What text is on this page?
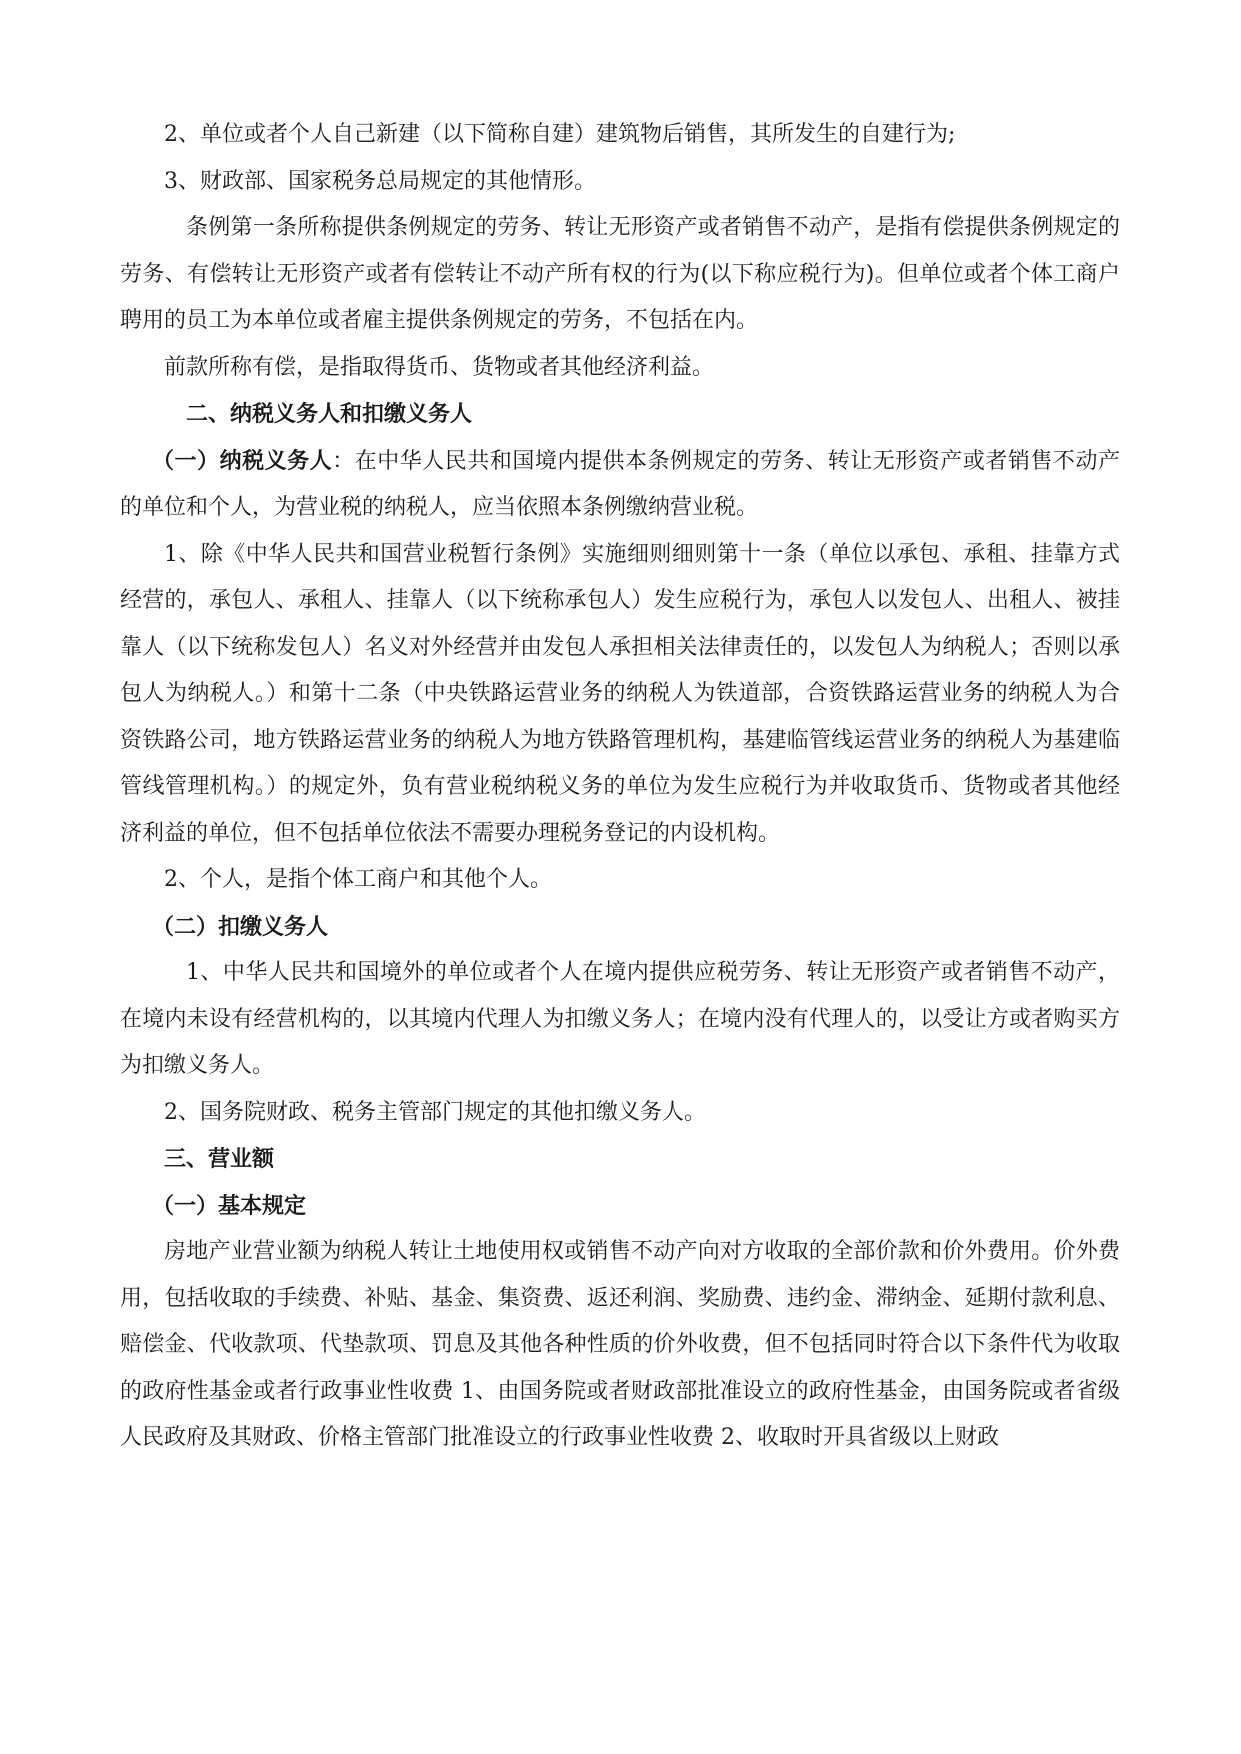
2、单位或者个人自己新建（以下简称自建）建筑物后销售，其所发生的自建行为;

3、财政部、国家税务总局规定的其他情形。

条例第一条所称提供条例规定的劳务、转让无形资产或者销售不动产，是指有偿提供条例规定的劳务、有偿转让无形资产或者有偿转让不动产所有权的行为(以下称应税行为)。但单位或者个体工商户聘用的员工为本单位或者雇主提供条例规定的劳务，不包括在内。

前款所称有偿，是指取得货币、货物或者其他经济利益。

二、纳税义务人和扣缴义务人

（一）纳税义务人：在中华人民共和国境内提供本条例规定的劳务、转让无形资产或者销售不动产的单位和个人，为营业税的纳税人，应当依照本条例缴纳营业税。

1、除《中华人民共和国营业税暂行条例》实施细则细则第十一条（单位以承包、承租、挂靠方式经营的，承包人、承租人、挂靠人（以下统称承包人）发生应税行为，承包人以发包人、出租人、被挂靠人（以下统称发包人）名义对外经营并由发包人承担相关法律责任的，以发包人为纳税人；否则以承包人为纳税人。）和第十二条（中央铁路运营业务的纳税人为铁道部，合资铁路运营业务的纳税人为合资铁路公司，地方铁路运营业务的纳税人为地方铁路管理机构，基建临管线运营业务的纳税人为基建临管线管理机构。）的规定外，负有营业税纳税义务的单位为发生应税行为并收取货币、货物或者其他经济利益的单位，但不包括单位依法不需要办理税务登记的内设机构。

2、个人，是指个体工商户和其他个人。

（二）扣缴义务人

1、中华人民共和国境外的单位或者个人在境内提供应税劳务、转让无形资产或者销售不动产，在境内未设有经营机构的，以其境内代理人为扣缴义务人；在境内没有代理人的，以受让方或者购买方为扣缴义务人。

2、国务院财政、税务主管部门规定的其他扣缴义务人。

三、营业额

（一）基本规定

房地产业营业额为纳税人转让土地使用权或销售不动产向对方收取的全部价款和价外费用。价外费用，包括收取的手续费、补贴、基金、集资费、返还利润、奖励费、违约金、滞纳金、延期付款利息、赔偿金、代收款项、代垫款项、罚息及其他各种性质的价外收费，但不包括同时符合以下条件代为收取的政府性基金或者行政事业性收费 1、由国务院或者财政部批准设立的政府性基金，由国务院或者省级人民政府及其财政、价格主管部门批准设立的行政事业性收费 2、收取时开具省级以上财政
